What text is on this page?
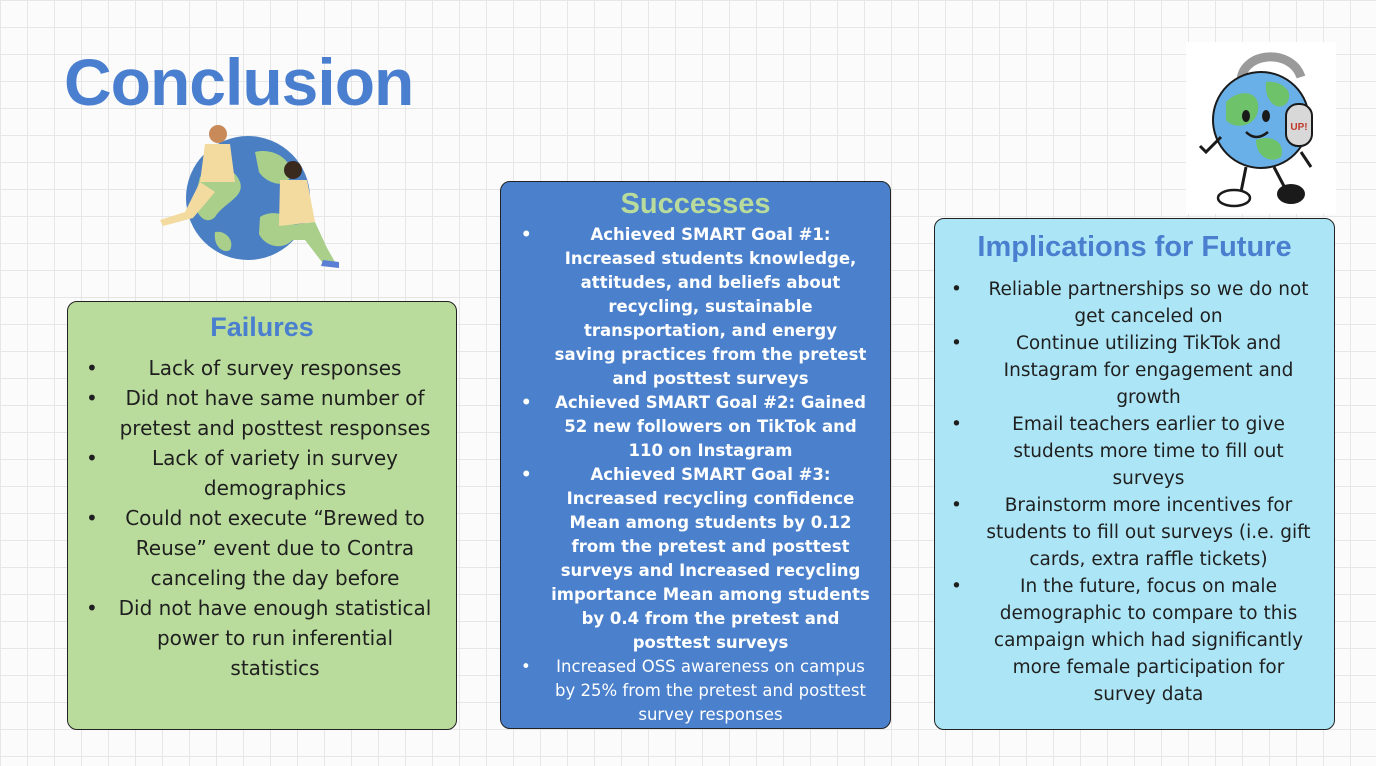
Conclusion
UP!
Failures
• Lack of survey responses
• Did not have same number of pretest and posttest responses
• Lack of variety in survey demographics
• Could not execute “Brewed to Reuse” event due to Contra canceling the day before
• Did not have enough statistical power to run inferential statistics
Successes
• Achieved SMART Goal #1: Increased students knowledge, attitudes, and beliefs about recycling, sustainable transportation, and energy saving practices from the pretest and posttest surveys
• Achieved SMART Goal #2: Gained 52 new followers on TikTok and 110 on Instagram
• Achieved SMART Goal #3: Increased recycling confidence Mean among students by 0.12 from the pretest and posttest surveys and Increased recycling importance Mean among students by 0.4 from the pretest and posttest surveys
• Increased OSS awareness on campus by 25% from the pretest and posttest survey responses
Implications for Future
• Reliable partnerships so we do not get canceled on
• Continue utilizing TikTok and Instagram for engagement and growth
• Email teachers earlier to give students more time to fill out surveys
• Brainstorm more incentives for students to fill out surveys (i.e. gift cards, extra raffle tickets)
• In the future, focus on male demographic to compare to this campaign which had significantly more female participation for survey data
